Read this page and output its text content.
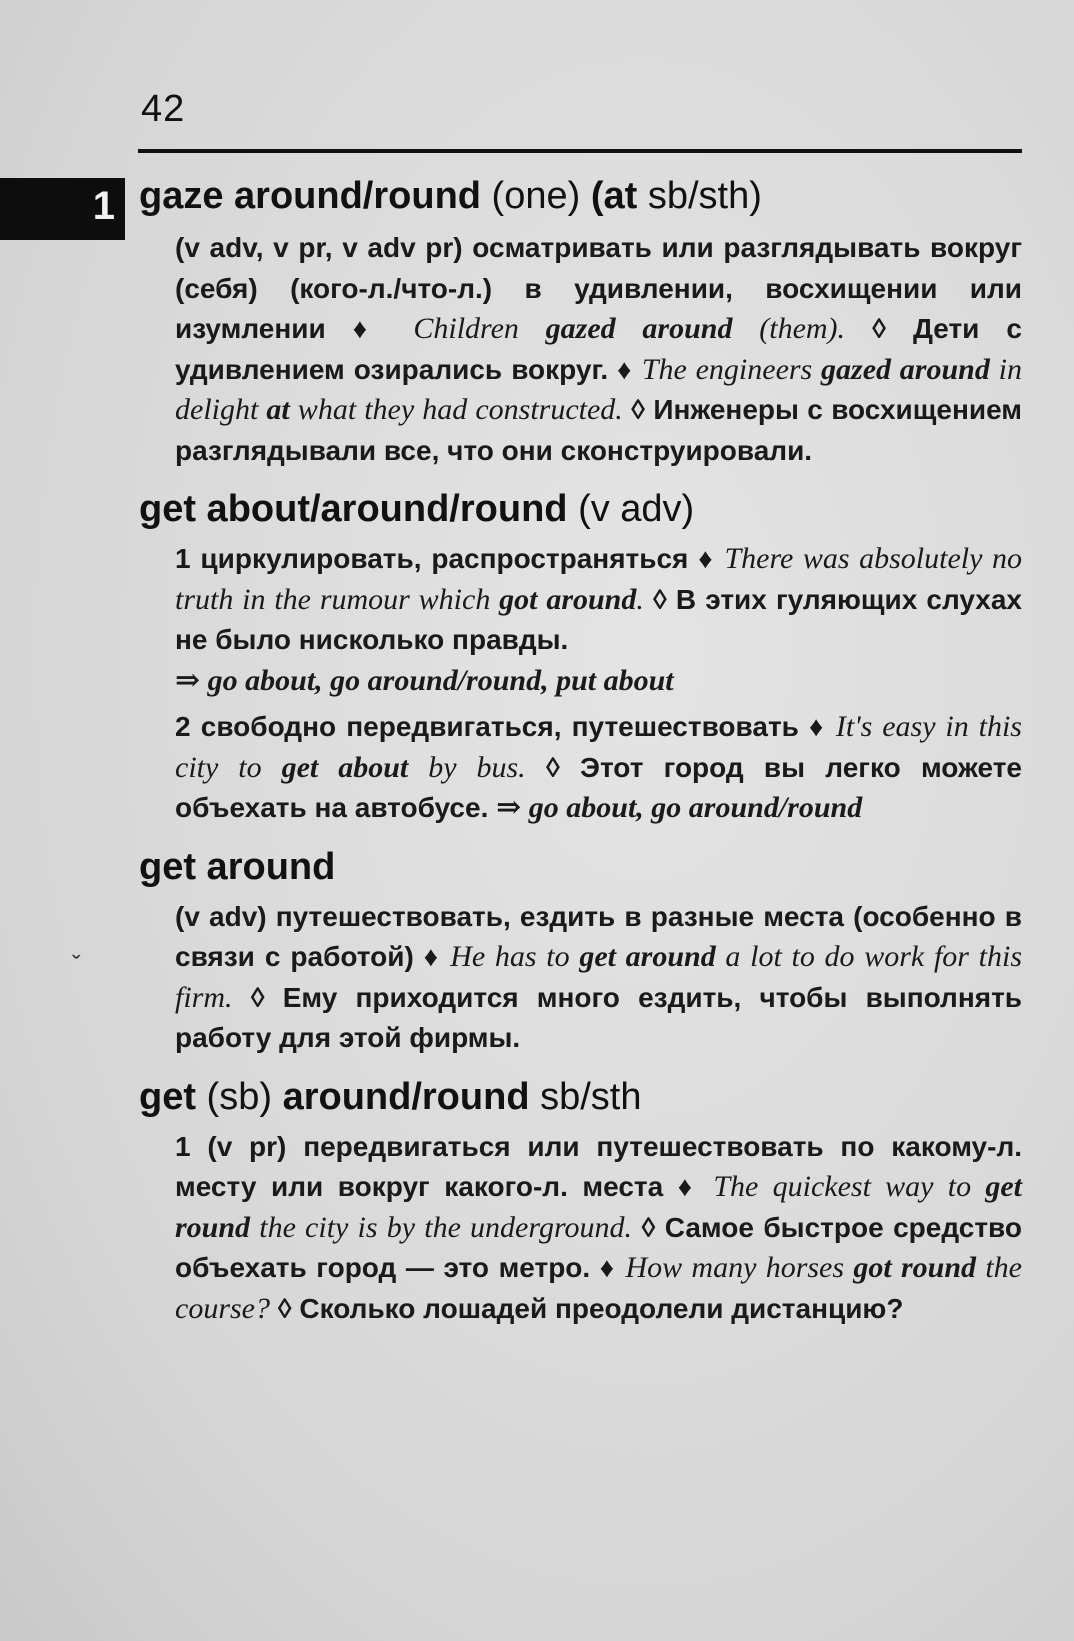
42
1
ˇ

gaze around/round (one) (at sb/sth)

(v adv, v pr, v adv pr) осматривать или разглядывать вокруг (себя) (кого-л./что-л.) в удивлении, восхищении или изумлении ♦ Children gazed around (them). ◊ Дети с удивлением озирались вокруг. ♦ The engineers gazed around in delight at what they had constructed. ◊ Инженеры с восхищением разглядывали все, что они сконструировали.

get about/around/round (v adv)

1 циркулировать, распространяться ♦ There was absolutely no truth in the rumour which got around. ◊ В этих гуляющих слухах не было нисколько правды.
⇒ go about, go around/round, put about

2 свободно передвигаться, путешествовать ♦ It's easy in this city to get about by bus. ◊ Этот город вы легко можете объехать на автобусе. ⇒ go about, go around/round

get around

(v adv) путешествовать, ездить в разные места (особенно в связи с работой) ♦ He has to get around a lot to do work for this firm. ◊ Ему приходится много ездить, чтобы выполнять работу для этой фирмы.

get (sb) around/round sb/sth

1 (v pr) передвигаться или путешествовать по какому-л. месту или вокруг какого-л. места ♦ The quickest way to get round the city is by the underground. ◊ Самое быстрое средство объехать город — это метро. ♦ How many horses got round the course? ◊ Сколько лошадей преодолели дистанцию?
